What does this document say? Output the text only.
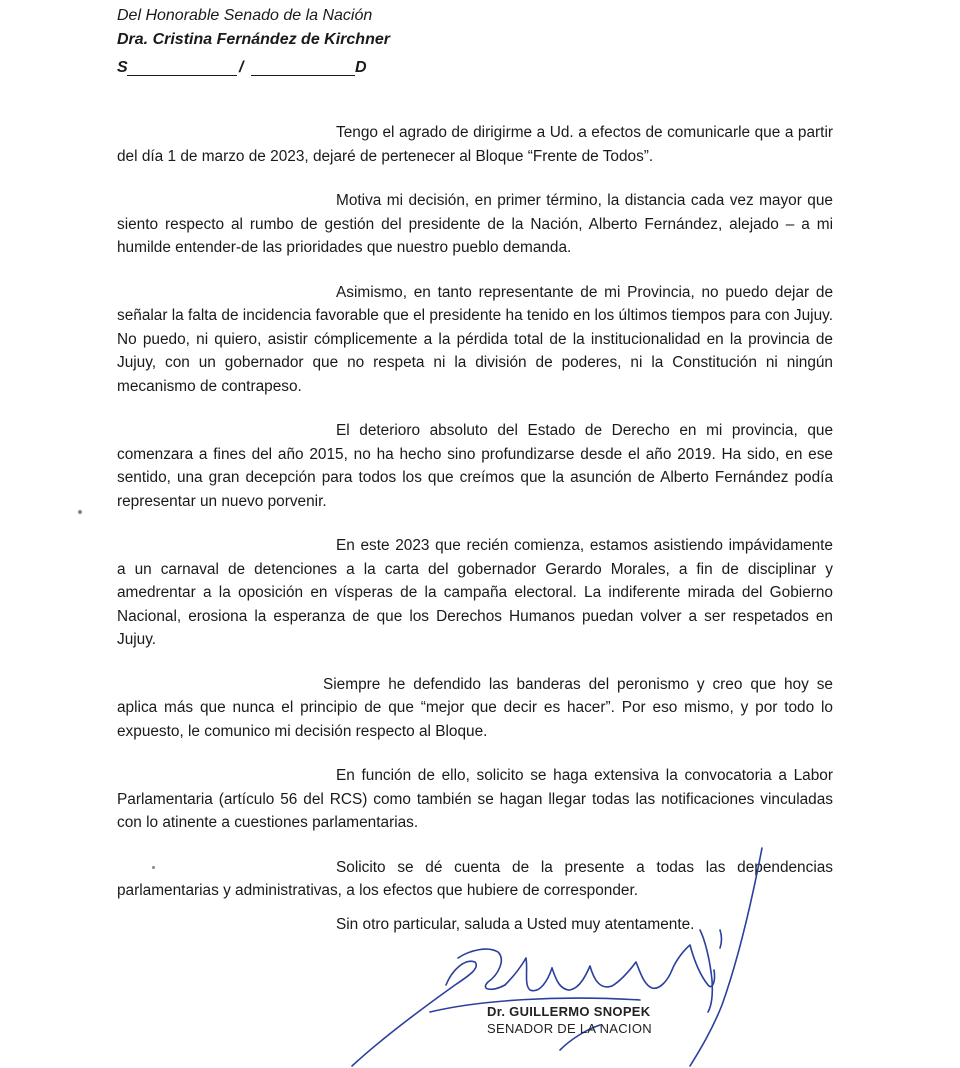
Del Honorable Senado de la Nación
Dra. Cristina Fernández de Kirchner
S	/	D

Tengo el agrado de dirigirme a Ud. a efectos de comunicarle que a partir del día 1 de marzo de 2023, dejaré de pertenecer al Bloque “Frente de Todos”.

Motiva mi decisión, en primer término, la distancia cada vez mayor que siento respecto al rumbo de gestión del presidente de la Nación, Alberto Fernández, alejado – a mi humilde entender-de las prioridades que nuestro pueblo demanda.

Asimismo, en tanto representante de mi Provincia, no puedo dejar de señalar la falta de incidencia favorable que el presidente ha tenido en los últimos tiempos para con Jujuy. No puedo, ni quiero, asistir cómplicemente a la pérdida total de la institucionalidad en la provincia de Jujuy, con un gobernador que no respeta ni la división de poderes, ni la Constitución ni ningún mecanismo de contrapeso.

El deterioro absoluto del Estado de Derecho en mi provincia, que comenzara a fines del año 2015, no ha hecho sino profundizarse desde el año 2019. Ha sido, en ese sentido, una gran decepción para todos los que creímos que la asunción de Alberto Fernández podía representar un nuevo porvenir.

En este 2023 que recién comienza, estamos asistiendo impávidamente a un carnaval de detenciones a la carta del gobernador Gerardo Morales, a fin de disciplinar y amedrentar a la oposición en vísperas de la campaña electoral. La indiferente mirada del Gobierno Nacional, erosiona la esperanza de que los Derechos Humanos puedan volver a ser respetados en Jujuy.

Siempre he defendido las banderas del peronismo y creo que hoy se aplica más que nunca el principio de que “mejor que decir es hacer”. Por eso mismo, y por todo lo expuesto, le comunico mi decisión respecto al Bloque.

En función de ello, solicito se haga extensiva la convocatoria a Labor Parlamentaria (artículo 56 del RCS) como también se hagan llegar todas las notificaciones vinculadas con lo atinente a cuestiones parlamentarias.

Solicito se dé cuenta de la presente a todas las dependencias parlamentarias y administrativas, a los efectos que hubiere de corresponder.

Sin otro particular, saluda a Usted muy atentamente.
Dr. GUILLERMO SNOPEK
SENADOR DE LA NACION
